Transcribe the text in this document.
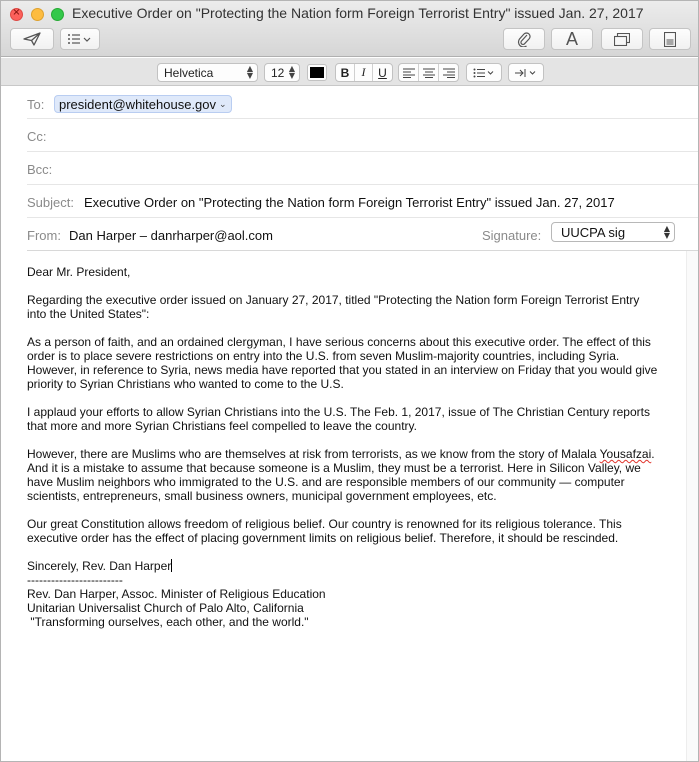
×	Executive Order on "Protecting the Nation form Foreign Terrorist Entry" issued Jan. 27, 2017
A
Helvetica	▲
▼ 12 ▲
▼	B	I	U
To: president@whitehouse.gov ⌄
Cc:
Bcc:
Subject: Executive Order on "Protecting the Nation form Foreign Terrorist Entry" issued Jan. 27, 2017
From: Dan Harper – danrharper@aol.com	Signature: UUCPA sig	▲
▼
Dear Mr. President,
Regarding the executive order issued on January 27, 2017, titled "Protecting the Nation form Foreign Terrorist Entry
into the United States":
As a person of faith, and an ordained clergyman, I have serious concerns about this executive order. The effect of this
order is to place severe restrictions on entry into the U.S. from seven Muslim-majority countries, including Syria.
However, in reference to Syria, news media have reported that you stated in an interview on Friday that you would give
priority to Syrian Christians who wanted to come to the U.S.
I applaud your efforts to allow Syrian Christians into the U.S. The Feb. 1, 2017, issue of The Christian Century reports
that more and more Syrian Christians feel compelled to leave the country.
However, there are Muslims who are themselves at risk from terrorists, as we know from the story of Malala Yousafzai.
And it is a mistake to assume that because someone is a Muslim, they must be a terrorist. Here in Silicon Valley, we
have Muslim neighbors who immigrated to the U.S. and are responsible members of our community — computer
scientists, entrepreneurs, small business owners, municipal government employees, etc.
Our great Constitution allows freedom of religious belief. Our country is renowned for its religious tolerance. This
executive order has the effect of placing government limits on religious belief. Therefore, it should be rescinded.
Sincerely, Rev. Dan Harper
------------------------
Rev. Dan Harper, Assoc. Minister of Religious Education
Unitarian Universalist Church of Palo Alto, California
"Transforming ourselves, each other, and the world."
